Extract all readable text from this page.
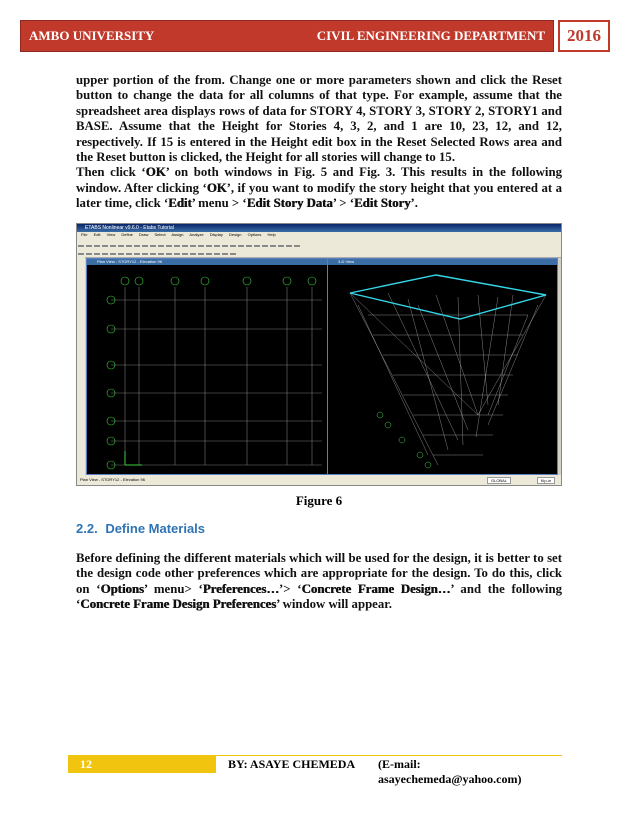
AMBO UNIVERSITY	CIVIL ENGINEERING DEPARTMENT	2016

upper portion of the from. Change one or more parameters shown and click the Reset button to change the data for all columns of that type. For example, assume that the spreadsheet area displays rows of data for STORY 4, STORY 3, STORY 2, STORY1 and BASE. Assume that the Height for Stories 4, 3, 2, and 1 are 10, 23, 12, and 12, respectively. If 15 is entered in the Height edit box in the Reset Selected Rows area and the Reset button is clicked, the Height for all stories will change to 15.

Then click ‘OK’ on both windows in Fig. 5 and Fig. 3. This results in the following window. After clicking ‘OK’, if you want to modify the story height that you entered at a later time, click ‘Edit’ menu > ‘Edit Story Data’ > ‘Edit Story’.

ETABS Nonlinear v9.6.0 - Etabs Tutorial
File Edit View Define Draw Select Assign Analyze Display Design Options Help
Plan View - STORY12 - Elevation 96	3-D View
Plan View - STORY12 - Elevation 96	GLOBAL	Kip-in
Figure 6
2.2. Define Materials

Before defining the different materials which will be used for the design, it is better to set the design code other preferences which are appropriate for the design. To do this, click on ‘Options’ menu> ‘Preferences…’> ‘Concrete Frame Design…’ and the following ‘Concrete Frame Design Preferences’ window will appear.

12	BY: ASAYE CHEMEDA (E-mail: asayechemeda@yahoo.com)
